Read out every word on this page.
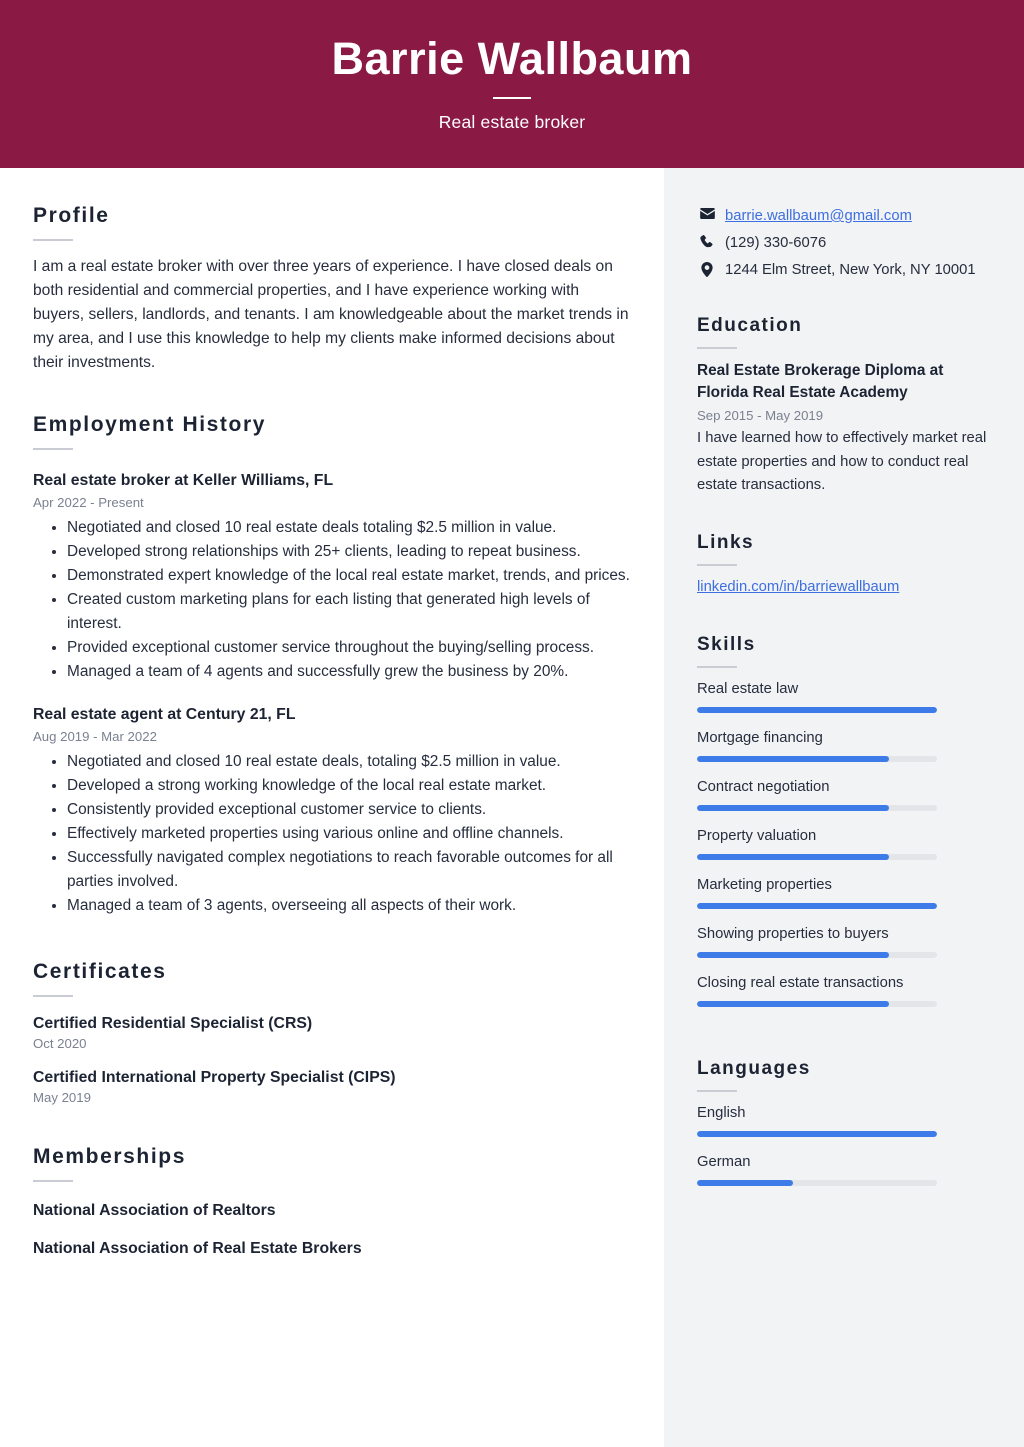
Barrie Wallbaum
Real estate broker
Profile
I am a real estate broker with over three years of experience. I have closed deals on both residential and commercial properties, and I have experience working with buyers, sellers, landlords, and tenants. I am knowledgeable about the market trends in my area, and I use this knowledge to help my clients make informed decisions about their investments.
Employment History
Real estate broker at Keller Williams, FL
Apr 2022 - Present
Negotiated and closed 10 real estate deals totaling $2.5 million in value.
Developed strong relationships with 25+ clients, leading to repeat business.
Demonstrated expert knowledge of the local real estate market, trends, and prices.
Created custom marketing plans for each listing that generated high levels of interest.
Provided exceptional customer service throughout the buying/selling process.
Managed a team of 4 agents and successfully grew the business by 20%.
Real estate agent at Century 21, FL
Aug 2019 - Mar 2022
Negotiated and closed 10 real estate deals, totaling $2.5 million in value.
Developed a strong working knowledge of the local real estate market.
Consistently provided exceptional customer service to clients.
Effectively marketed properties using various online and offline channels.
Successfully navigated complex negotiations to reach favorable outcomes for all parties involved.
Managed a team of 3 agents, overseeing all aspects of their work.
Certificates
Certified Residential Specialist (CRS)
Oct 2020
Certified International Property Specialist (CIPS)
May 2019
Memberships
National Association of Realtors
National Association of Real Estate Brokers
barrie.wallbaum@gmail.com
(129) 330-6076
1244 Elm Street, New York, NY 10001
Education
Real Estate Brokerage Diploma at Florida Real Estate Academy
Sep 2015 - May 2019
I have learned how to effectively market real estate properties and how to conduct real estate transactions.
Links
linkedin.com/in/barriewallbaum
Skills
Real estate law
Mortgage financing
Contract negotiation
Property valuation
Marketing properties
Showing properties to buyers
Closing real estate transactions
Languages
English
German
